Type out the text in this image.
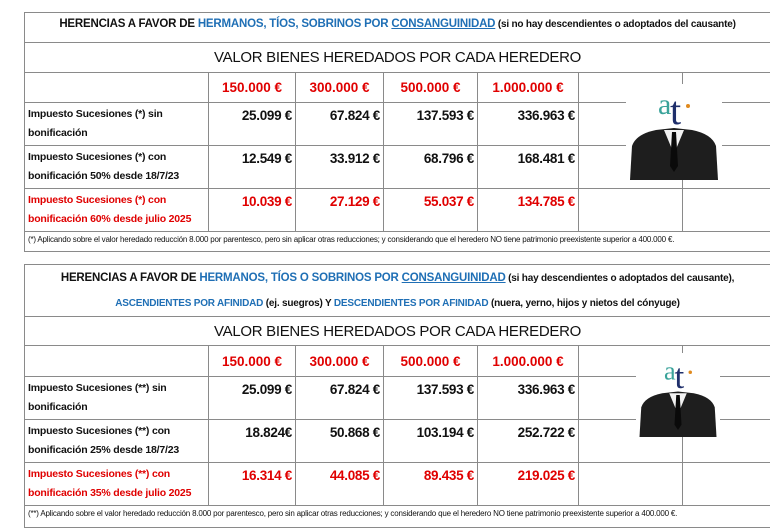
HERENCIAS A FAVOR DE HERMANOS, TÍOS, SOBRINOS POR CONSANGUINIDAD (si no hay descendientes o adoptados del causante)						
VALOR BIENES HEREDADOS POR CADA HEREDERO						
	150.000 €	300.000 €	500.000 €	1.000.000 €		
Impuesto Sucesiones (*) sin bonificación	25.099 €	67.824 €	137.593 €	336.963 €		
Impuesto Sucesiones (*) con bonificación 50% desde 18/7/23	12.549 €	33.912 €	68.796 €	168.481 €		
Impuesto Sucesiones (*) con bonificación 60% desde julio 2025	10.039 €	27.129 €	55.037 €	134.785 €		
(*) Aplicando sobre el valor heredado reducción 8.000 por parentesco, pero sin aplicar otras reducciones; y considerando que el heredero NO tiene patrimonio preexistente superior a 400.000 €.						
HERENCIAS A FAVOR DE HERMANOS, TÍOS O SOBRINOS POR CONSANGUINIDAD (si hay descendientes o adoptados del causante),
ASCENDIENTES POR AFINIDAD (ej. suegros) Y DESCENDIENTES POR AFINIDAD (nuera, yerno, hijos y nietos del cónyuge)						
VALOR BIENES HEREDADOS POR CADA HEREDERO						
	150.000 €	300.000 €	500.000 €	1.000.000 €		
Impuesto Sucesiones (**) sin bonificación	25.099 €	67.824 €	137.593 €	336.963 €		
Impuesto Sucesiones (**) con bonificación 25% desde 18/7/23	18.824€	50.868 €	103.194 €	252.722 €		
Impuesto Sucesiones (**) con bonificación 35% desde julio 2025	16.314 €	44.085 €	89.435 €	219.025 €		
(**) Aplicando sobre el valor heredado reducción 8.000 por parentesco, pero sin aplicar otras reducciones; y considerando que el heredero NO tiene patrimonio preexistente superior a 400.000 €.						
a
t
a
t
